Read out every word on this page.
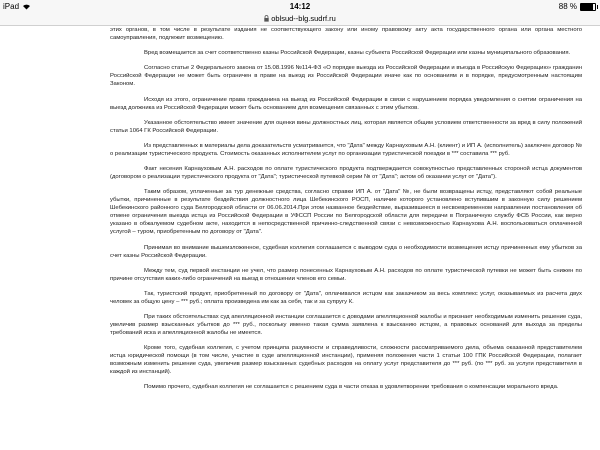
iPad	14:12	88 %
oblsud--blg.sudrf.ru

этих органов, в том числе в результате издания не соответствующего закону или иному правовому акту акта государственного органа или органа местного самоуправления, подлежит возмещению.

Вред возмещается за счет соответственно казны Российской Федерации, казны субъекта Российской Федерации или казны муниципального образования.

Согласно статье 2 Федерального закона от 15.08.1996 №114-ФЗ «О порядке выезда из Российской Федерации и въезда в Российскую Федерацию» гражданин Российской Федерации не может быть ограничен в праве на выезд из Российской Федерации иначе как по основаниям и в порядке, предусмотренным настоящим Законом.

Исходя из этого, ограничение права гражданина на выезд из Российской Федерации в связи с нарушением порядка уведомления о снятии ограничения на выезд должника из Российской Федерации может быть основанием для возмещения связанных с этим убытков.

Указанное обстоятельство имеет значение для оценки вины должностных лиц, которая является общим условием ответственности за вред в силу положений статьи 1064 ГК Российской Федерации.

Из представленных в материалы дела доказательств усматривается, что "Дата" между Карнауховым А.Н. (клиент) и ИП А. (исполнитель) заключен договор № о реализации туристического продукта. Стоимость оказанных исполнителем услуг по организации туристической поездки в *** составила *** руб.

Факт несения Карнауховым А.Н. расходов по оплате туристического продукта подтверждается совокупностью представленных стороной истца документов (договором о реализации туристического продукта от "Дата"; туристической путевкой серии № от "Дата"; актом об оказании услуг от "Дата").

Таким образом, уплаченные за тур денежные средства, согласно справки ИП А. от "Дата" №, не были возвращены истцу, представляют собой реальные убытки, причиненные в результате бездействия должностного лица Шебекинского РОСП, наличие которого установлено вступившим в законную силу решением Шебекинского районного суда Белгородской области от 06.06.2014.При этом названное бездействие, выразившееся в несвоевременном направлении постановления об отмене ограничения выезда истца из Российской Федерации в УФССП России по Белгородской области для передачи в Пограничную службу ФСБ России, как верно указано в обжалуемом судебном акте, находится в непосредственной причинно-следственной связи с невозможностью Карнаухова А.Н. воспользоваться оплаченной услугой – туром, приобретенным по договору от "Дата".

Принимая во внимание вышеизложенное, судебная коллегия соглашается с выводом суда о необходимости возмещения истцу причиненных ему убытков за счет казны Российской Федерации.

Между тем, суд первой инстанции не учел, что размер понесенных Карнауховым А.Н. расходов по оплате туристической путевки не может быть снижен по причине отсутствия каких-либо ограничений на выезд в отношении членов его семьи.

Так, туристский продукт, приобретенный по договору от "Дата", оплачивался истцом как заказчиком за весь комплекс услуг, оказываемых из расчета двух человек за общую цену – *** руб.; оплата произведена им как за себя, так и за супругу К.

При таких обстоятельствах суд апелляционной инстанции соглашается с доводами апелляционной жалобы и признает необходимым изменить решение суда, увеличив размер взысканных убытков до *** руб., поскольку именно такая сумма заявлена к взысканию истцом, а правовых оснований для выхода за пределы требований иска и апелляционной жалобы не имеется.

Кроме того, судебная коллегия, с учетом принципа разумности и справедливости, сложности рассматриваемого дела, объема оказанной представителем истца юридической помощи (в том числе, участие в суде апелляционной инстанции), применяя положения части 1 статьи 100 ГПК Российской Федерации, полагает возможным изменить решение суда, увеличив размер взысканных судебных расходов на оплату услуг представителя до *** руб. (по *** руб. за услуги представителя в каждой из инстанций).

Помимо прочего, судебная коллегия не соглашается с решением суда в части отказа в удовлетворении требования о компенсации морального вреда.
